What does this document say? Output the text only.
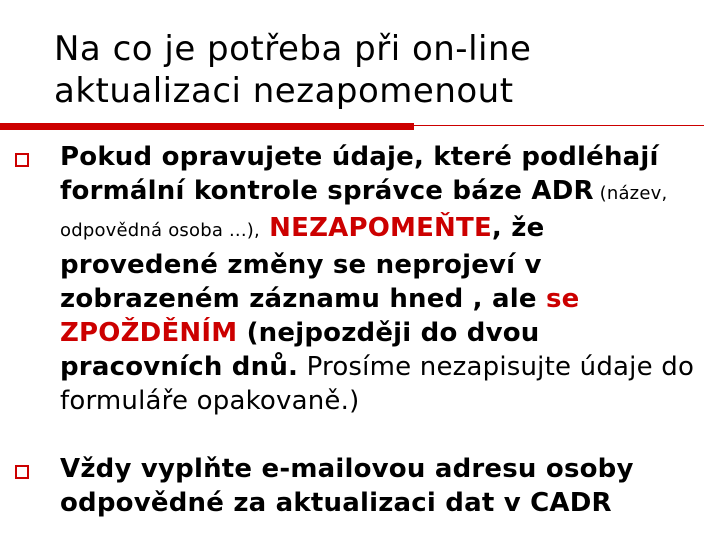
Na co je potřeba při on-line
aktualizaci nezapomenout
Pokud opravujete údaje, které podléhají formální kontrole správce báze ADR (název, odpovědná osoba ...), NEZAPOMEŇTE, že provedené změny se neprojeví v zobrazeném záznamu hned , ale se ZPOŽDĚNÍM (nejpozději do dvou pracovních dnů. Prosíme nezapisujte údaje do formuláře opakovaně.)
Vždy vyplňte e-mailovou adresu osoby odpovědné za aktualizaci dat v CADR
